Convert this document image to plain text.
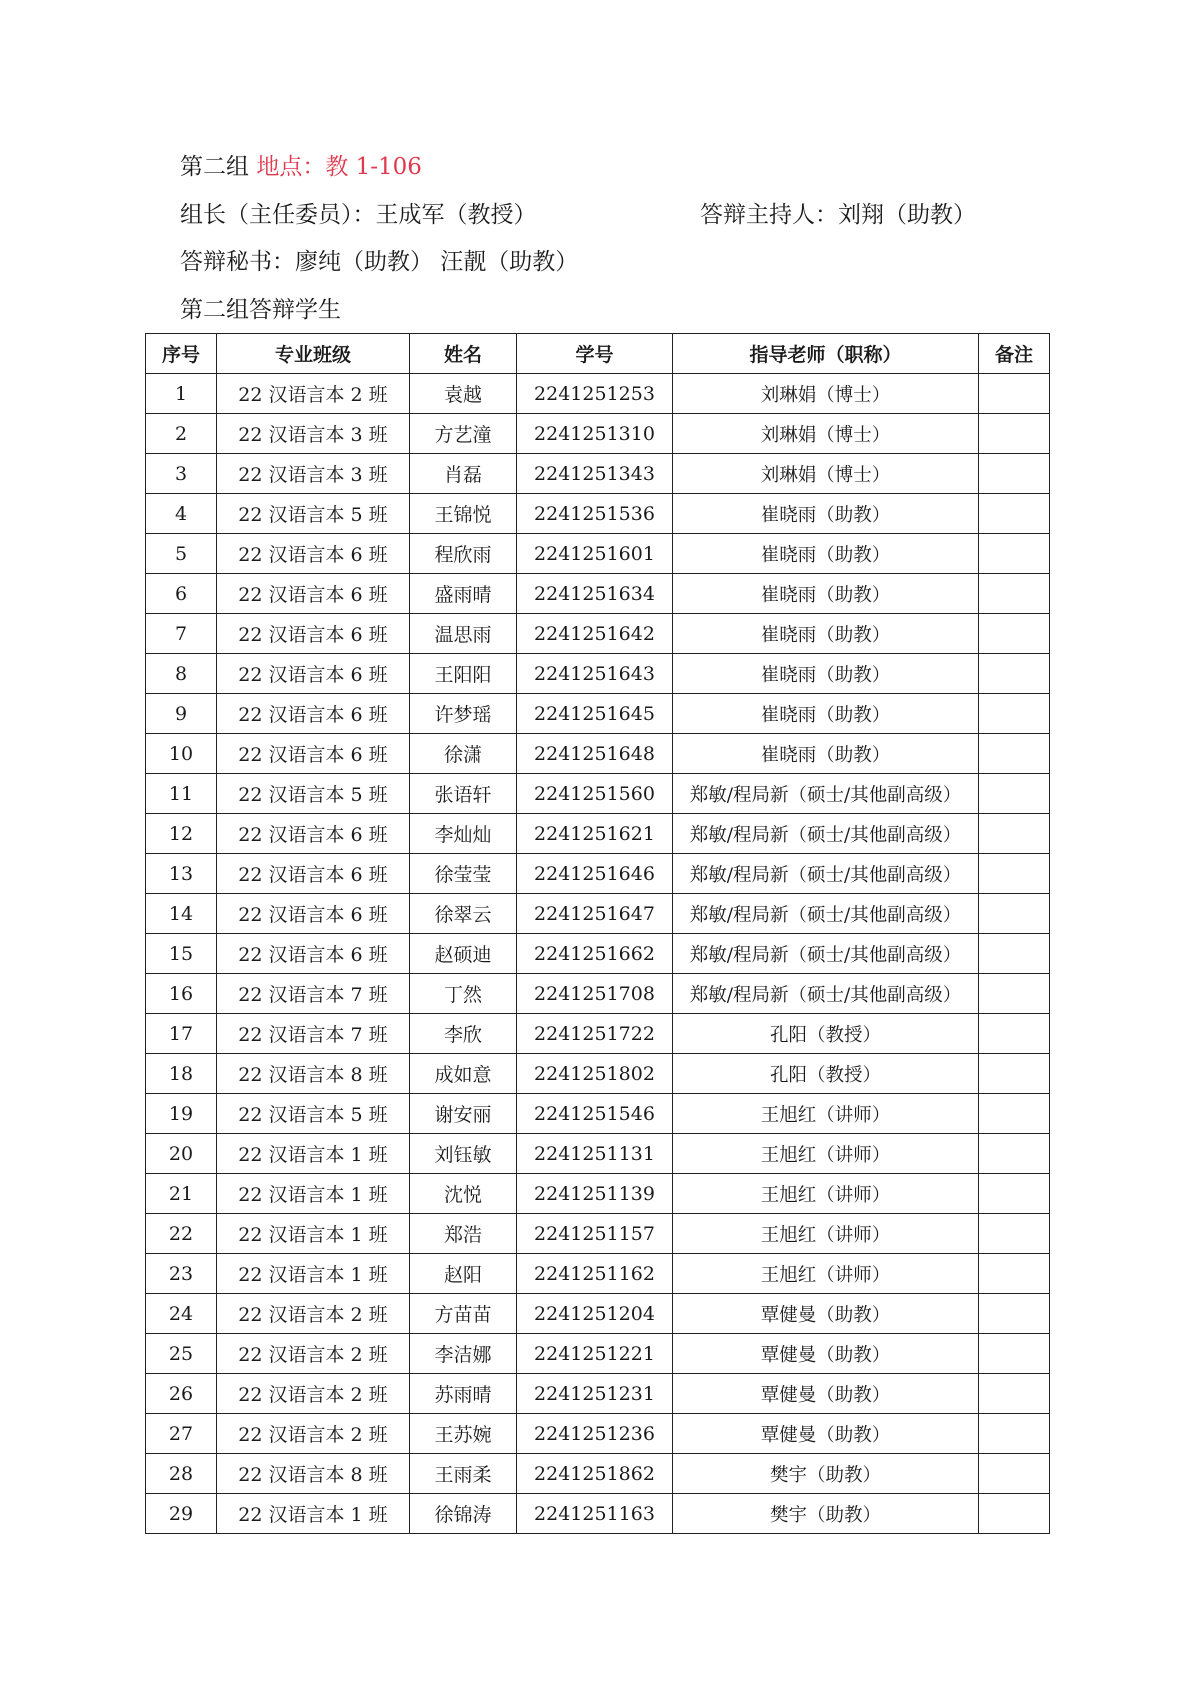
第二组 地点：教 1-106
组长（主任委员）：王成军（教授）	答辩主持人：刘翔（助教）
答辩秘书：廖纯（助教） 汪靓（助教）
第二组答辩学生
序号	专业班级	姓名	学号	指导老师（职称）	备注
1	22 汉语言本 2 班	袁越	2241251253	刘琳娟（博士）	
2	22 汉语言本 3 班	方艺潼	2241251310	刘琳娟（博士）	
3	22 汉语言本 3 班	肖磊	2241251343	刘琳娟（博士）	
4	22 汉语言本 5 班	王锦悦	2241251536	崔晓雨（助教）	
5	22 汉语言本 6 班	程欣雨	2241251601	崔晓雨（助教）	
6	22 汉语言本 6 班	盛雨晴	2241251634	崔晓雨（助教）	
7	22 汉语言本 6 班	温思雨	2241251642	崔晓雨（助教）	
8	22 汉语言本 6 班	王阳阳	2241251643	崔晓雨（助教）	
9	22 汉语言本 6 班	许梦瑶	2241251645	崔晓雨（助教）	
10	22 汉语言本 6 班	徐潇	2241251648	崔晓雨（助教）	
11	22 汉语言本 5 班	张语轩	2241251560	郑敏/程局新（硕士/其他副高级）	
12	22 汉语言本 6 班	李灿灿	2241251621	郑敏/程局新（硕士/其他副高级）	
13	22 汉语言本 6 班	徐莹莹	2241251646	郑敏/程局新（硕士/其他副高级）	
14	22 汉语言本 6 班	徐翠云	2241251647	郑敏/程局新（硕士/其他副高级）	
15	22 汉语言本 6 班	赵硕迪	2241251662	郑敏/程局新（硕士/其他副高级）	
16	22 汉语言本 7 班	丁然	2241251708	郑敏/程局新（硕士/其他副高级）	
17	22 汉语言本 7 班	李欣	2241251722	孔阳（教授）	
18	22 汉语言本 8 班	成如意	2241251802	孔阳（教授）	
19	22 汉语言本 5 班	谢安丽	2241251546	王旭红（讲师）	
20	22 汉语言本 1 班	刘钰敏	2241251131	王旭红（讲师）	
21	22 汉语言本 1 班	沈悦	2241251139	王旭红（讲师）	
22	22 汉语言本 1 班	郑浩	2241251157	王旭红（讲师）	
23	22 汉语言本 1 班	赵阳	2241251162	王旭红（讲师）	
24	22 汉语言本 2 班	方苗苗	2241251204	覃健曼（助教）	
25	22 汉语言本 2 班	李洁娜	2241251221	覃健曼（助教）	
26	22 汉语言本 2 班	苏雨晴	2241251231	覃健曼（助教）	
27	22 汉语言本 2 班	王苏婉	2241251236	覃健曼（助教）	
28	22 汉语言本 8 班	王雨柔	2241251862	樊宇（助教）	
29	22 汉语言本 1 班	徐锦涛	2241251163	樊宇（助教）	
